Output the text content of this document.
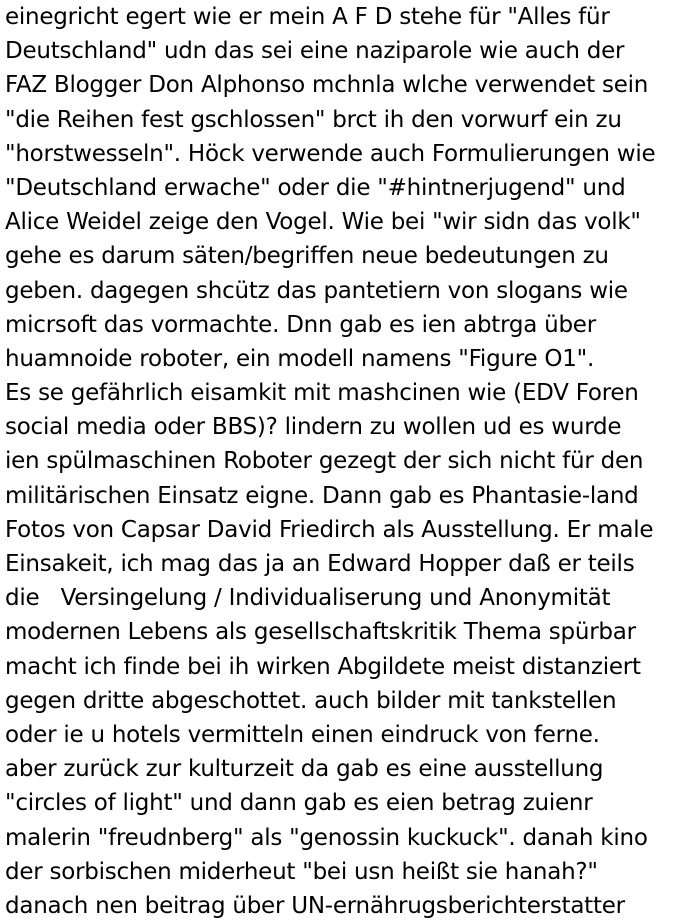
einegricht egert wie er mein A F D stehe für "Alles für
Deutschland" udn das sei eine naziparole wie auch der
FAZ Blogger Don Alphonso mchnla wlche verwendet sein
"die Reihen fest gschlossen" brct ih den vorwurf ein zu
"horstwesseln". Höck verwende auch Formulierungen wie
"Deutschland erwache" oder die "#hintnerjugend" und
Alice Weidel zeige den Vogel. Wie bei "wir sidn das volk"
gehe es darum säten/begriffen neue bedeutungen zu
geben. dagegen shcütz das pantetiern von slogans wie
micrsoft das vormachte. Dnn gab es ien abtrga über
huamnoide roboter, ein modell namens "Figure O1".
Es se gefährlich eisamkit mit mashcinen wie (EDV Foren
social media oder BBS)? lindern zu wollen ud es wurde
ien spülmaschinen Roboter gezegt der sich nicht für den
militärischen Einsatz eigne. Dann gab es Phantasie-land
Fotos von Capsar David Friedirch als Ausstellung. Er male
Einsakeit, ich mag das ja an Edward Hopper daß er teils
die   Versingelung / Individualiserung und Anonymität
modernen Lebens als gesellschaftskritik Thema spürbar
macht ich finde bei ih wirken Abgildete meist distanziert
gegen dritte abgeschottet. auch bilder mit tankstellen
oder ie u hotels vermitteln einen eindruck von ferne.
aber zurück zur kulturzeit da gab es eine ausstellung
"circles of light" und dann gab es eien betrag zuienr
malerin "freudnberg" als "genossin kuckuck". danah kino
der sorbischen miderheut "bei usn heißt sie hanah?"
danach nen beitrag über UN-ernährugsberichterstatter
